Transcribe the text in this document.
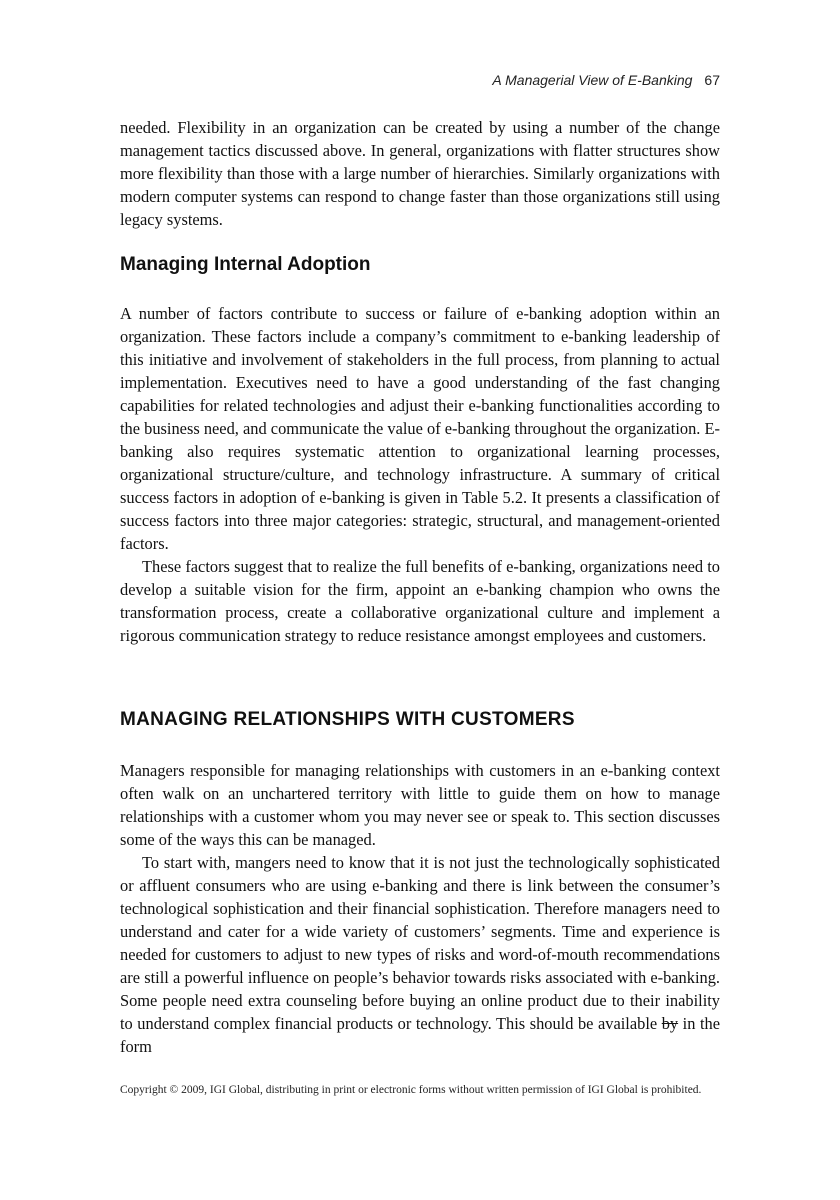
A Managerial View of E-Banking 67

needed. Flexibility in an organization can be created by using a number of the change management tactics discussed above. In general, organizations with flatter structures show more flexibility than those with a large number of hierarchies. Similarly organizations with modern computer systems can respond to change faster than those organizations still using legacy systems.

Managing Internal Adoption

A number of factors contribute to success or failure of e-banking adoption within an organization. These factors include a company’s commitment to e-banking leadership of this initiative and involvement of stakeholders in the full process, from planning to actual implementation. Executives need to have a good understanding of the fast changing capabilities for related technologies and adjust their e-banking functionalities according to the business need, and communicate the value of e-banking throughout the organization. E-banking also requires systematic attention to organizational learning processes, organizational structure/culture, and technology infrastructure. A summary of critical success factors in adoption of e-banking is given in Table 5.2. It presents a classification of success factors into three major categories: strategic, structural, and management-oriented factors.

These factors suggest that to realize the full benefits of e-banking, organizations need to develop a suitable vision for the firm, appoint an e-banking champion who owns the transformation process, create a collaborative organizational culture and implement a rigorous communication strategy to reduce resistance amongst employees and customers.

MANAGING RELATIONSHIPS WITH CUSTOMERS

Managers responsible for managing relationships with customers in an e-banking context often walk on an unchartered territory with little to guide them on how to manage relationships with a customer whom you may never see or speak to. This section discusses some of the ways this can be managed.

To start with, mangers need to know that it is not just the technologically sophisticated or affluent consumers who are using e-banking and there is link between the consumer’s technological sophistication and their financial sophistication. Therefore managers need to understand and cater for a wide variety of customers’ segments. Time and experience is needed for customers to adjust to new types of risks and word-of-mouth recommendations are still a powerful influence on people’s behavior towards risks associated with e-banking. Some people need extra counseling before buying an online product due to their inability to understand complex financial products or technology. This should be available by in the form

Copyright © 2009, IGI Global, distributing in print or electronic forms without written permission of IGI Global is prohibited.
